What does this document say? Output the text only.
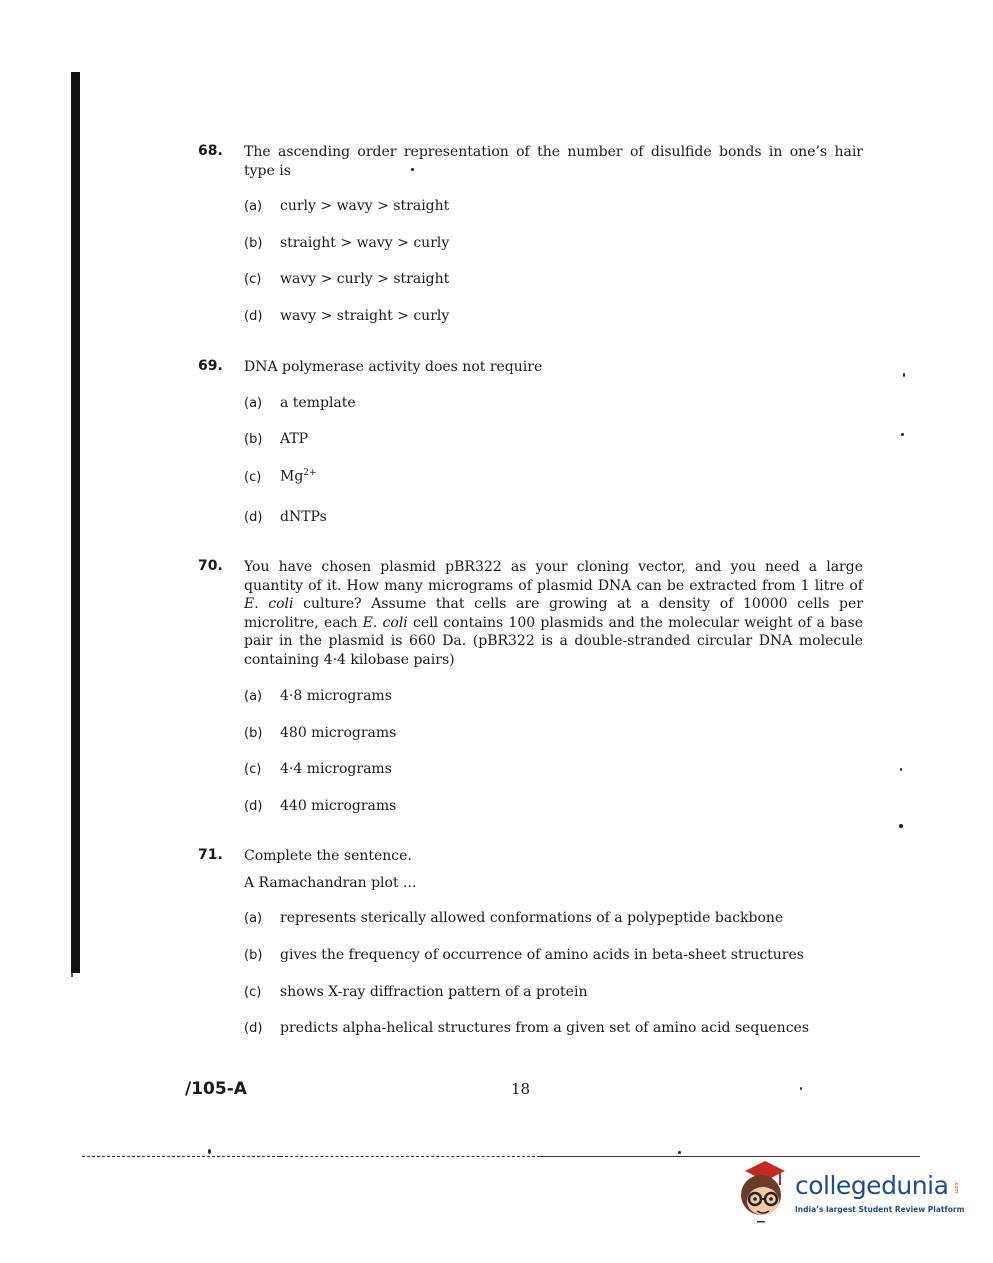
68. The ascending order representation of the number of disulfide bonds in one’s hair type is
(a) curly > wavy > straight
(b) straight > wavy > curly
(c) wavy > curly > straight
(d) wavy > straight > curly
69. DNA polymerase activity does not require
(a) a template
(b) ATP
(c) $Mg^{2+}$
(d) dNTPs
70. You have chosen plasmid pBR322 as your cloning vector, and you need a large quantity of it. How many micrograms of plasmid DNA can be extracted from 1 litre of E. coli culture? Assume that cells are growing at a density of 10000 cells per microlitre, each E. coli cell contains 100 plasmids and the molecular weight of a base pair in the plasmid is 660 Da. (pBR322 is a double-stranded circular DNA molecule containing 4·4 kilobase pairs)
(a) 4·8 micrograms
(b) 480 micrograms
(c) 4·4 micrograms
(d) 440 micrograms
71. Complete the sentence.
A Ramachandran plot ...
(a) represents sterically allowed conformations of a polypeptide backbone
(b) gives the frequency of occurrence of amino acids in beta-sheet structures
(c) shows X-ray diffraction pattern of a protein
(d) predicts alpha-helical structures from a given set of amino acid sequences
/105-A	18
collegedunia .com
India’s largest Student Review Platform
